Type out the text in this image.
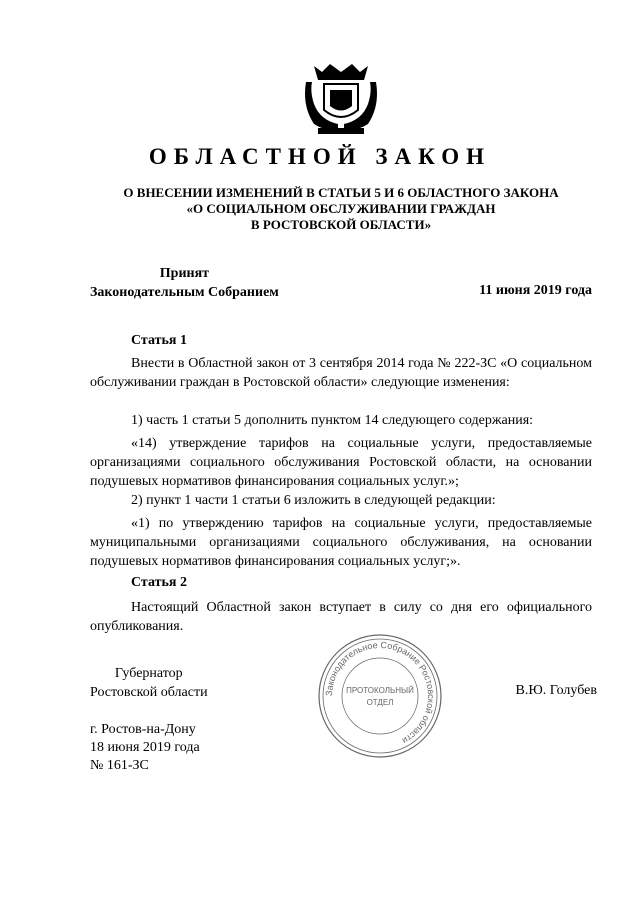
ОБЛАСТНОЙ ЗАКОН
О ВНЕСЕНИИ ИЗМЕНЕНИЙ В СТАТЬИ 5 И 6 ОБЛАСТНОГО ЗАКОНА
«О СОЦИАЛЬНОМ ОБСЛУЖИВАНИИ ГРАЖДАН
В РОСТОВСКОЙ ОБЛАСТИ»
Принят
Законодательным Собранием	11 июня 2019 года
Статья 1
Внести в Областной закон от 3 сентября 2014 года № 222-ЗС «О социальном обслуживании граждан в Ростовской области» следующие изменения:
1) часть 1 статьи 5 дополнить пунктом 14 следующего содержания:
«14) утверждение тарифов на социальные услуги, предоставляемые организациями социального обслуживания Ростовской области, на основании подушевых нормативов финансирования социальных услуг.»;
2) пункт 1 части 1 статьи 6 изложить в следующей редакции:
«1) по утверждению тарифов на социальные услуги, предоставляемые муниципальными организациями социального обслуживания, на основании подушевых нормативов финансирования социальных услуг;».
Статья 2
Настоящий Областной закон вступает в силу со дня его официального опубликования.
Губернатор
Ростовской области	Законодательное Собрание Ростовской области
ПРОТОКОЛЬНЫЙ
ОТДЕЛ
В.Ю. Голубев
г. Ростов-на-Дону
18 июня 2019 года
№ 161-ЗС
